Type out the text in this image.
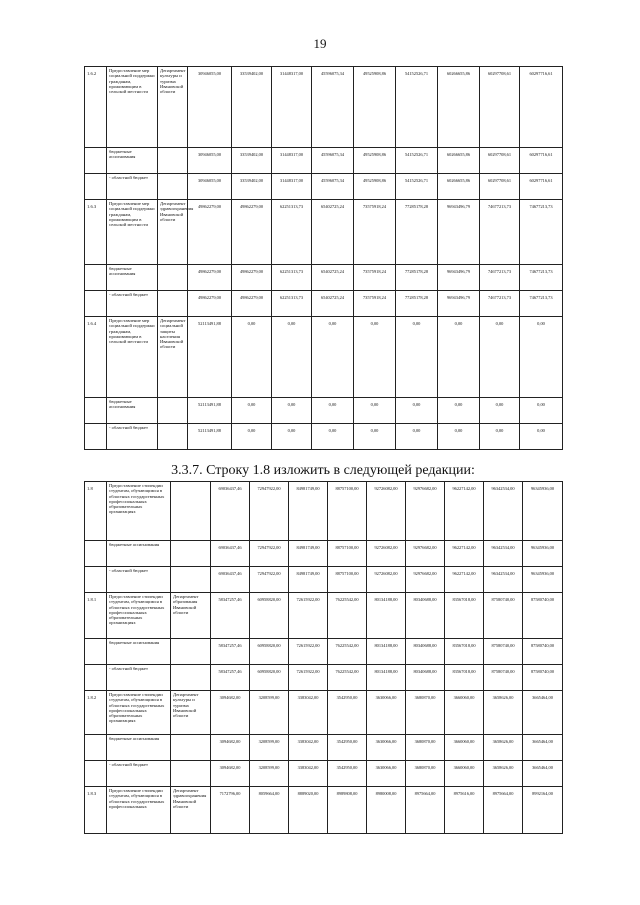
19
1.6.2	Предоставление мер социальной поддержки гражданам, проживающим в сельской местности	Департамент культуры и туризма Ивановской области	30946055,00	33539402,00	31448317,00	45596075,34	49525908,86	54152526,71	60266655,86	60297708,61	60297716,61
	бюджетные ассигнования		30946055,00	33539402,00	31448317,00	45596075,34	49525908,86	54152526,71	60266655,86	60297708,61	60297716,61
	- областной бюджет		30946055,00	33539402,00	31448317,00	45596075,34	49525908,86	54152526,71	60266655,86	60297708,61	60297716,61
1.6.3	Предоставление мер социальной поддержки гражданам, проживающим в сельской местности	Департамент здравоохранения Ивановской области	49862279,00	49862279,00	62251313,73	65402725,24	73575918,24	77285178,28	96943496,79	74677213,73	74677213,73
	бюджетные ассигнования		49862279,00	49862279,00	62251313,73	65402725,24	73575918,24	77285178,28	96943496,79	74677213,73	74677213,73
	- областной бюджет		49862279,00	49862279,00	62251313,73	65402725,24	73575918,24	77285178,28	96943496,79	74677213,73	74677213,73
1.6.4	Предоставление мер социальной поддержки гражданам, проживающим в сельской местности	Департамент социальной защиты населения Ивановской области	52113491,88	0,00	0,00	0,00	0,00	0,00	0,00	0,00	0,00
	бюджетные ассигнования		52113491,88	0,00	0,00	0,00	0,00	0,00	0,00	0,00	0,00
	- областной бюджет		52113491,88	0,00	0,00	0,00	0,00	0,00	0,00	0,00	0,00
3.3.7. Строку 1.8 изложить в следующей редакции:
1.8	Предоставление стипендии студентам, обучающимся в областных государственных профессиональных образовательных организациях		69036437,46	72947922,00	84981749,00	88757100,00	92726082,00	92976682,00	96227142,00	96342534,00	96345936,00
	бюджетные ассигнования		69036437,46	72947922,00	84981749,00	88757100,00	92726082,00	92976682,00	96227142,00	96342534,00	96345936,00
	- областной бюджет		69036437,46	72947922,00	84981749,00	88757100,00	92726082,00	92976682,00	96227142,00	96342534,00	96345936,00
1.8.1	Предоставление стипендии студентам, обучающимся в областных государственных профессиональных образовательных организациях	Департамент образования Ивановской области	58347257,46	60958820,00	72615922,00	76225542,00	80134188,00	80340688,00	83567018,00	87580740,00	87580740,00
	бюджетные ассигнования		58347257,46	60958820,00	72615922,00	76225542,00	80134188,00	80340688,00	83567018,00	87580740,00	87580740,00
	- областной бюджет		58347257,46	60958820,00	72615922,00	76225542,00	80134188,00	80340688,00	83567018,00	87580740,00	87580740,00
1.8.2	Предоставление стипендии студентам, обучающимся в областных государственных профессиональных образовательных организациях	Департамент культуры и туризма Ивановской области	3094682,00	3208599,00	3383042,00	3542950,00	3630066,00	3680870,00	3660060,00	3658626,00	3665464,00
	бюджетные ассигнования		3094682,00	3208599,00	3383042,00	3542950,00	3630066,00	3680870,00	3660060,00	3658626,00	3665464,00
	- областной бюджет		3094682,00	3208599,00	3383042,00	3542950,00	3630066,00	3680870,00	3660060,00	3658626,00	3665464,00
1.8.3	Предоставление стипендии студентам, обучающимся в областных государственных профессиональных	Департамент здравоохранения Ивановской области	7172796,00	8059664,00	8889020,00	8989808,00	8980008,00	8975664,00	8975616,00	8975664,00	8992164,00
